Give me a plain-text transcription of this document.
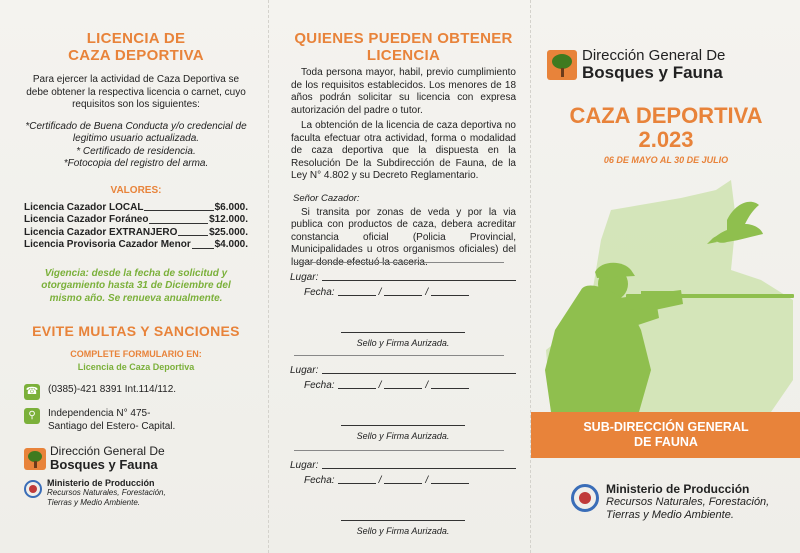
LICENCIA DE
CAZA DEPORTIVA

Para ejercer la actividad de Caza Deportiva se debe obtener la respectiva licencia o carnet, cuyo requisitos son los siguientes:

*Certificado de Buena Conducta y/o credencial de legitimo usuario actualizada.
* Certificado de residencia.
*Fotocopia del registro del arma.
VALORES:
Licencia Cazador LOCAL	$6.000.
Licencia Cazador Foráneo	$12.000.
Licencia Cazador EXTRANJERO	$25.000.
Licencia Provisoria Cazador Menor $4.000.

Vigencia: desde la fecha de solicitud y otorgamiento hasta 31 de Diciembre del mismo año. Se renueva anualmente.

EVITE MULTAS Y SANCIONES
COMPLETE FORMULARIO EN:
Licencia de Caza Deportiva
☎ (0385)-421 8391 Int.114/112.
⚲	Independencia N° 475-
Santiago del Estero- Capital.
Dirección General De
Bosques y Fauna
Ministerio de Producción
Recursos Naturales, Forestación,
Tierras y Medio Ambiente.
QUIENES PUEDEN OBTENER
LICENCIA

Toda persona mayor, habil, previo cumplimiento de los requisitos establecidos. Los menores de 18 años podrán solicitar su licencia con expresa autorización del padre o tutor.

La obtención de la licencia de caza deportiva no faculta efectuar otra actividad, forma o modalidad de caza deportiva que la dispuesta en la Resolución De la Subdirección de Fauna, de la Ley N° 4.802 y su Decreto Reglamentario.

Señor Cazador:

Si transita por zonas de veda y por la via publica con productos de caza, debera acreditar constancia oficial (Policia Provincial, Municipalidades u otros organismos oficiales) del lugar donde efectuó la caceria.

Lugar:
Fecha:	/	/
Sello y Firma Aurizada.
Lugar:
Fecha:	/	/
Sello y Firma Aurizada.
Lugar:
Fecha:	/	/
Sello y Firma Aurizada.
Dirección General De
Bosques y Fauna
CAZA DEPORTIVA
2.023
06 DE MAYO AL 30 DE JULIO
SUB-DIRECCIÓN GENERAL
DE FAUNA
Ministerio de Producción
Recursos Naturales, Forestación,
Tierras y Medio Ambiente.
